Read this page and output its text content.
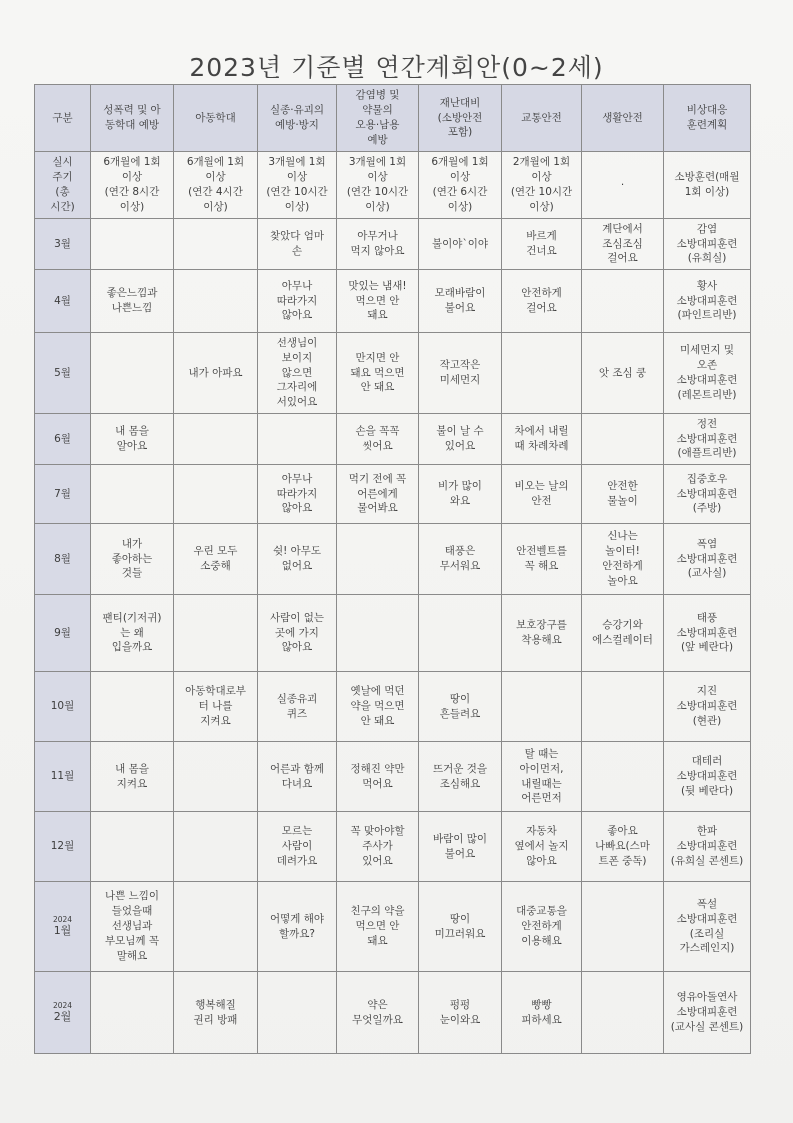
2023년 기준별 연간계회안(0~2세)
구분	성폭력 및 아
동학대 예방	아동학대	실종·유괴의
예방·방지	감염병 및
약물의
오용·남용
예방	재난대비
(소방안전
포함)	교통안전	생활안전	비상대응
훈련계획
실시
주기
(총
시간)	6개월에 1회
이상
(연간 8시간
이상)	6개월에 1회
이상
(연간 4시간
이상)	3개월에 1회
이상
(연간 10시간
이상)	3개월에 1회
이상
(연간 10시간
이상)	6개월에 1회
이상
(연간 6시간
이상)	2개월에 1회
이상
(연간 10시간
이상)	·	소방훈련(매월
1회 이상)
3월			찾았다 엄마
손	아무거나
먹지 않아요	불이야`이야	바르게
건너요	계단에서
조심조심
걸어요	감염
소방대피훈련
(유희실)
4월	좋은느낌과
나쁜느낌		아무나
따라가지
않아요	맛있는 냄새!
먹으면 안
돼요	모래바람이
불어요	안전하게
걸어요		황사
소방대피훈련
(파인트리반)
5월		내가 아파요	선생님이
보이지
않으면
그자리에
서있어요	만지면 안
돼요 먹으면
안 돼요	작고작은
미세먼지		앗 조심 쿵	미세먼지 및
오존
소방대피훈련
(레몬트리반)
6월	내 몸을
알아요			손을 꼭꼭
씻어요	불이 날 수
있어요	차에서 내릴
때 차례차례		정전
소방대피훈련
(애플트리반)
7월			아무나
따라가지
않아요	먹기 전에 꼭
어른에게
물어봐요	비가 많이
와요	비오는 날의
안전	안전한
물놀이	집중호우
소방대피훈련
(주방)
8월	내가
좋아하는
것들	우린 모두
소중해	쉿! 아무도
없어요		태풍은
무서워요	안전벨트를
꼭 해요	신나는
놀이터!
안전하게
놀아요	폭염
소방대피훈련
(교사실)
9월	팬티(기저귀)
는 왜
입을까요		사람이 없는
곳에 가지
않아요			보호장구를
착용해요	승강기와
에스컬레이터	태풍
소방대피훈련
(앞 베란다)
10월		아동학대로부
터 나를
지켜요	실종유괴
퀴즈	옛날에 먹던
약을 먹으면
안 돼요	땅이
흔들려요			지진
소방대피훈련
(현관)
11월	내 몸을
지켜요		어른과 함께
다녀요	정해진 약만
먹어요	뜨거운 것을
조심해요	탈 때는
아이먼저,
내릴때는
어른먼저		대테러
소방대피훈련
(뒷 베란다)
12월			모르는
사람이
데려가요	꼭 맞아야할
주사가
있어요	바람이 많이
불어요	자동차
옆에서 놀지
않아요	좋아요
나빠요(스마
트폰 중독)	한파
소방대피훈련
(유희실 콘센트)

2024
1월	나쁜 느낌이
들었을때
선생님과
부모님께 꼭
말해요		어떻게 해야
할까요?	친구의 약을
먹으면 안
돼요	땅이
미끄러워요	대중교통을
안전하게
이용해요		폭설
소방대피훈련
(조리실
가스레인지)

2024
2월		행복해질
권리 방패		약은
무엇일까요	펑펑
눈이와요	빵빵
피하세요		영유아돌연사
소방대피훈련
(교사실 콘센트)
